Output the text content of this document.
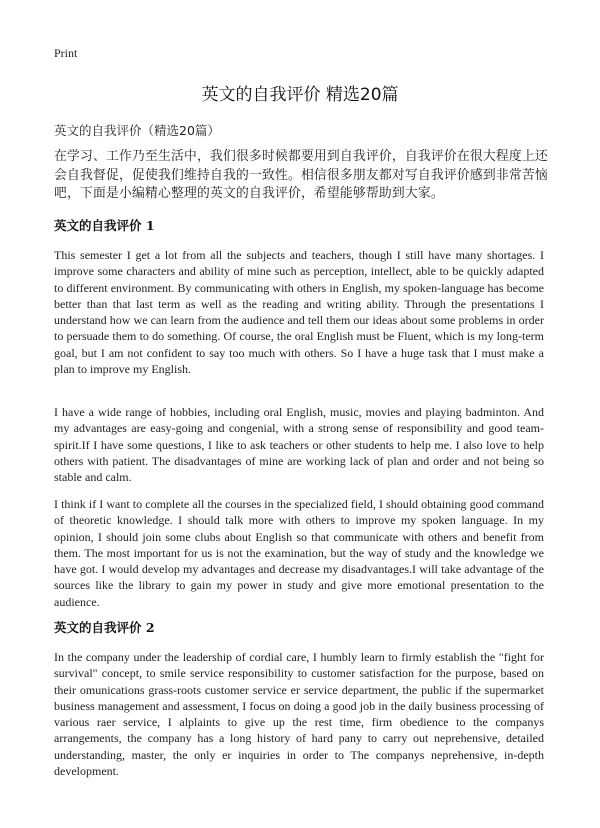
Print
英文的自我评价 精选20篇
英文的自我评价（精选20篇）
在学习、工作乃至生活中，我们很多时候都要用到自我评价，自我评价在很大程度上还会自我督促，促使我们维持自我的一致性。相信很多朋友都对写自我评价感到非常苦恼吧，下面是小编精心整理的英文的自我评价，希望能够帮助到大家。
英文的自我评价 1

This semester I get a lot from all the subjects and teachers, though I still have many shortages. I improve some characters and ability of mine such as perception, intellect, able to be quickly adapted to different environment. By communicating with others in English, my spoken-language has become better than that last term as well as the reading and writing ability. Through the presentations I understand how we can learn from the audience and tell them our ideas about some problems in order to persuade them to do something. Of course, the oral English must be Fluent, which is my long-term goal, but I am not confident to say too much with others. So I have a huge task that I must make a plan to improve my English.

I have a wide range of hobbies, including oral English, music, movies and playing badminton. And my advantages are easy-going and congenial, with a strong sense of responsibility and good team-spirit.If I have some questions, I like to ask teachers or other students to help me. I also love to help others with patient. The disadvantages of mine are working lack of plan and order and not being so stable and calm.

I think if I want to complete all the courses in the specialized field, I should obtaining good command of theoretic knowledge. I should talk more with others to improve my spoken language. In my opinion, I should join some clubs about English so that communicate with others and benefit from them. The most important for us is not the examination, but the way of study and the knowledge we have got. I would develop my advantages and decrease my disadvantages.I will take advantage of the sources like the library to gain my power in study and give more emotional presentation to the audience.

英文的自我评价 2

In the company under the leadership of cordial care, I humbly learn to firmly establish the "fight for survival" concept, to smile service responsibility to customer satisfaction for the purpose, based on their omunications grass-roots customer service er service department, the public if the supermarket business management and assessment, I focus on doing a good job in the daily business processing of various raer service, I alplaints to give up the rest time, firm obedience to the companys arrangements, the company has a long history of hard pany to carry out neprehensive, detailed understanding, master, the only er inquiries in order to The companys neprehensive, in-depth development.
